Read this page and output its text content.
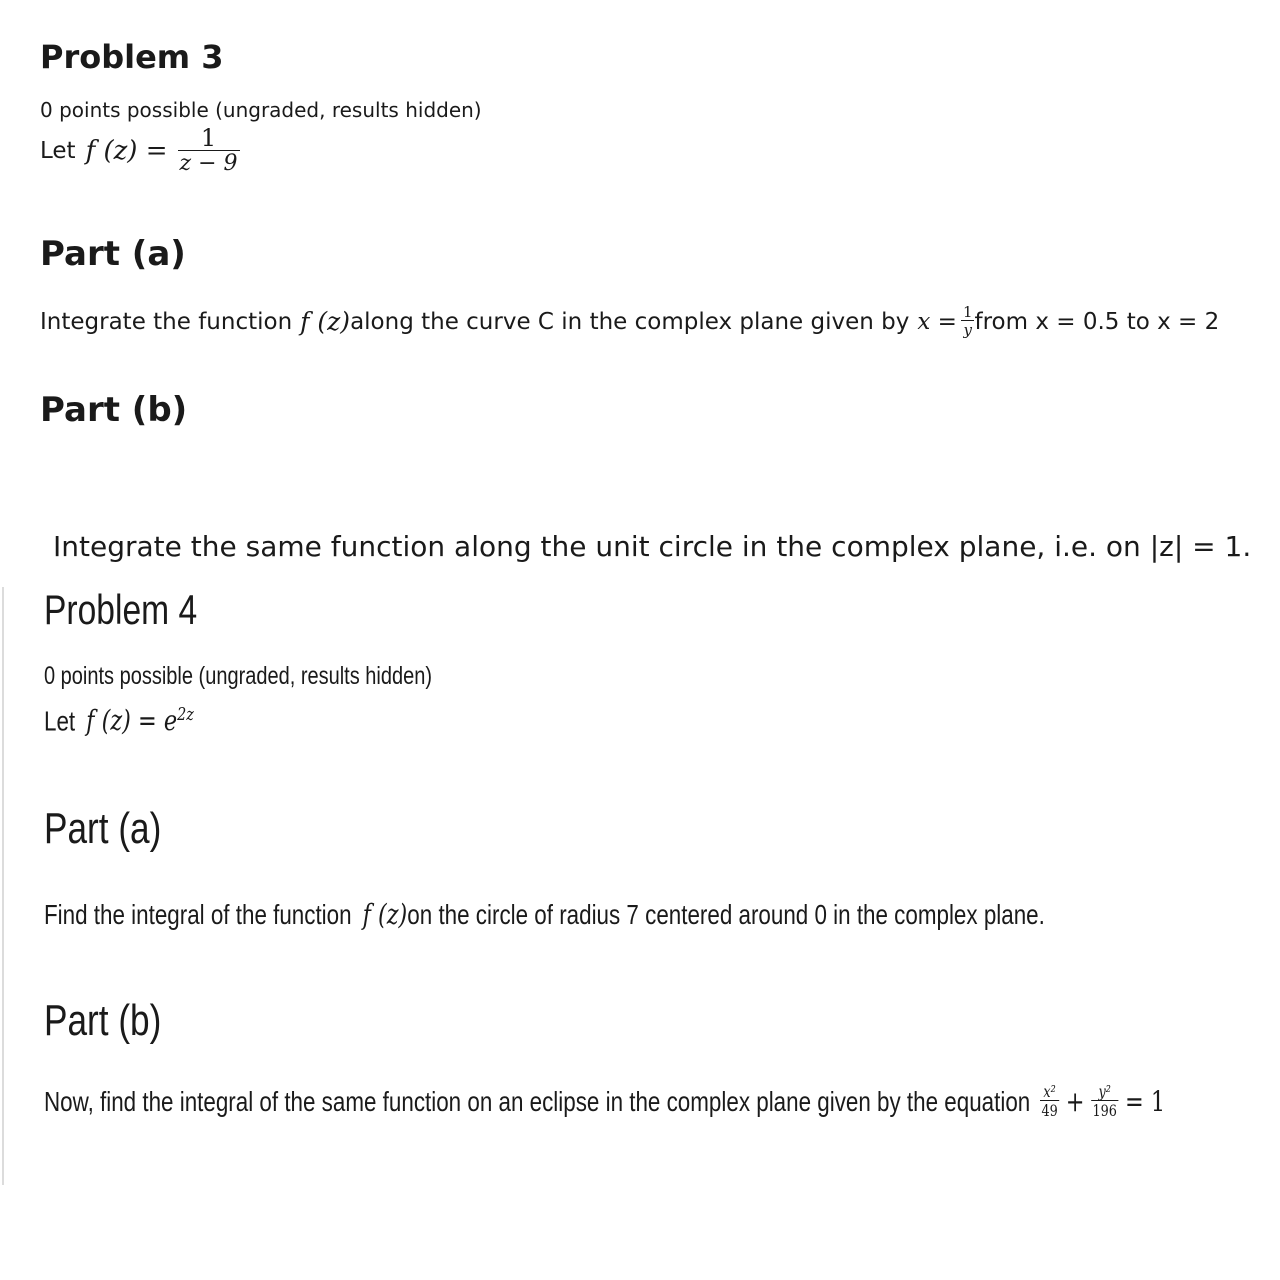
Problem 3
0 points possible (ungraded, results hidden)
Let f $(z) = \frac{1}{z - 9}$
Part (a)
Integrate the function f (z) along the curve C in the complex plane given by $x = \frac{1}{y}$ from x = 0.5 to x = 2
Part (b)
Integrate the same function along the unit circle in the complex plane, i.e. on |z| = 1.
Problem 4
0 points possible (ungraded, results hidden)
Let f $(z) = e^{2z}$
Part (a)
Find the integral of the function f (z)on the circle of radius 7 centered around 0 in the complex plane.
Part (b)
Now, find the integral of the same function on an eclipse in the complex plane given by the equation $\frac{\text{x²}}{49} + \frac{\text{y²}}{196} = 1$
